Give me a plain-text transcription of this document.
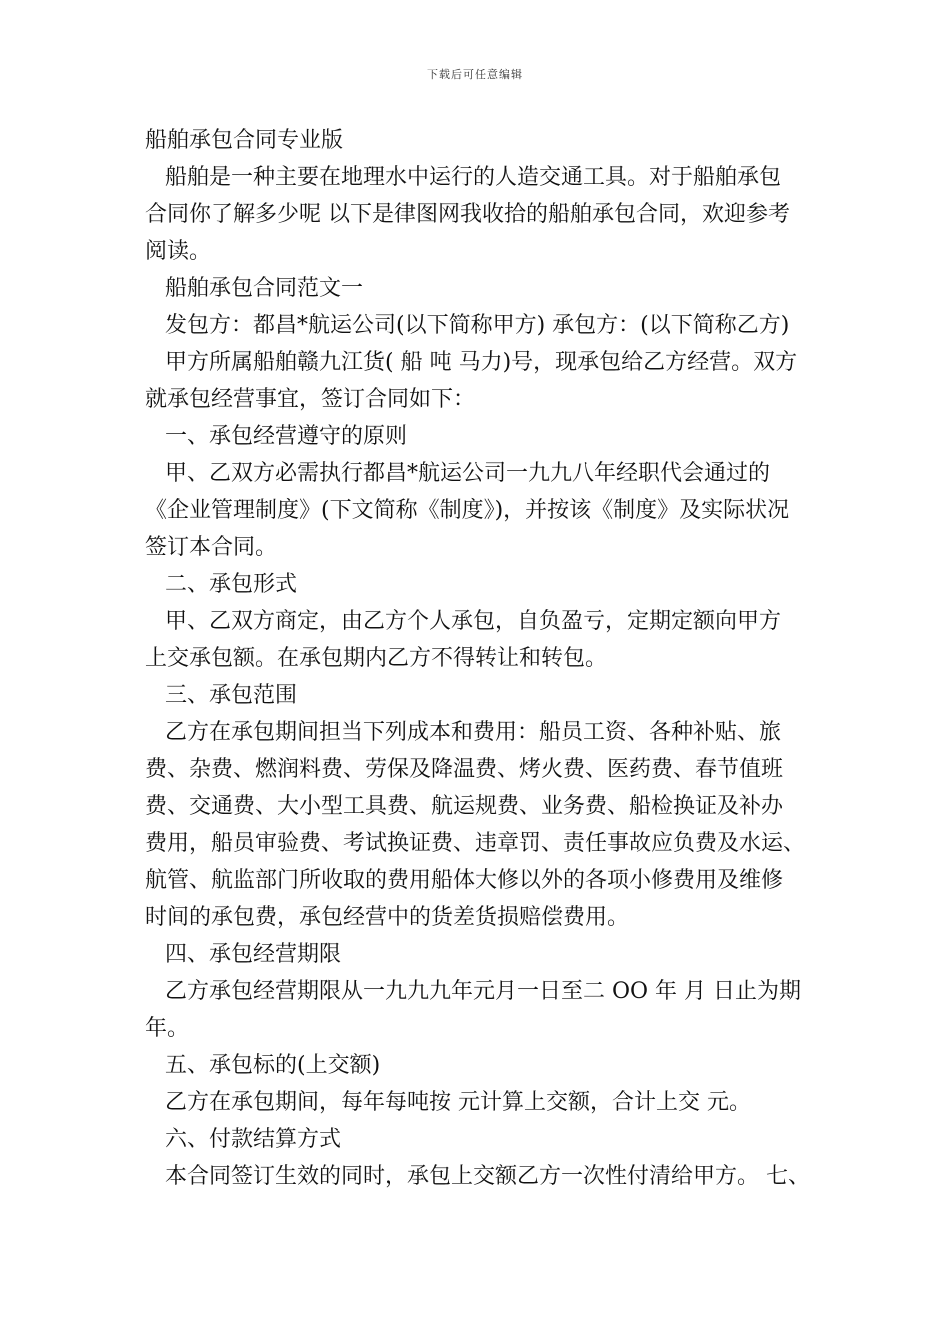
下载后可任意编辑
船舶承包合同专业版
船舶是一种主要在地理水中运行的人造交通工具。对于船舶承包
合同你了解多少呢 以下是律图网我收拾的船舶承包合同，欢迎参考
阅读。
船舶承包合同范文一
发包方：都昌*航运公司(以下简称甲方) 承包方：(以下简称乙方)
甲方所属船舶赣九江货( 船 吨 马力)号，现承包给乙方经营。双方
就承包经营事宜，签订合同如下：
一、承包经营遵守的原则
甲、乙双方必需执行都昌*航运公司一九九八年经职代会通过的
《企业管理制度》(下文简称《制度》)，并按该《制度》及实际状况
签订本合同。
二、承包形式
甲、乙双方商定，由乙方个人承包，自负盈亏，定期定额向甲方
上交承包额。在承包期内乙方不得转让和转包。
三、承包范围
乙方在承包期间担当下列成本和费用：船员工资、各种补贴、旅
费、杂费、燃润料费、劳保及降温费、烤火费、医药费、春节值班
费、交通费、大小型工具费、航运规费、业务费、船检换证及补办
费用，船员审验费、考试换证费、违章罚、责任事故应负费及水运、
航管、航监部门所收取的费用船体大修以外的各项小修费用及维修
时间的承包费，承包经营中的货差货损赔偿费用。
四、承包经营期限
乙方承包经营期限从一九九九年元月一日至二 OO 年 月 日止为期
年。
五、承包标的(上交额)
乙方在承包期间，每年每吨按 元计算上交额，合计上交 元。
六、付款结算方式
本合同签订生效的同时，承包上交额乙方一次性付清给甲方。 七、
